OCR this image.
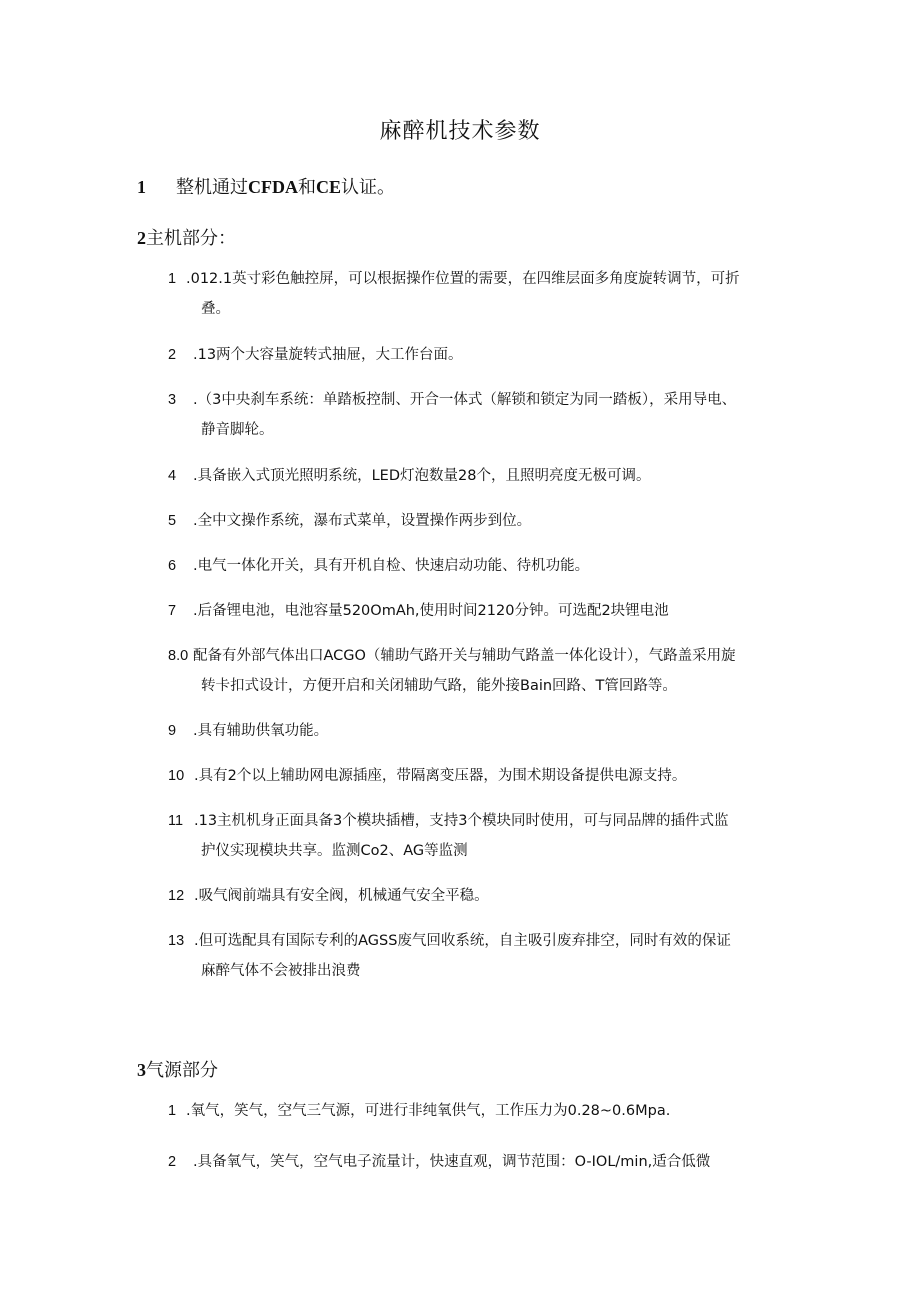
麻醉机技术参数
1 整机通过CFDA和CE认证。
2主机部分：
1 .012.1英寸彩色触控屏，可以根据操作位置的需要，在四维层面多角度旋转调节，可折
叠。
2 .13两个大容量旋转式抽屉，大工作台面。
3 .（3中央刹车系统：单踏板控制、开合一体式（解锁和锁定为同一踏板），采用导电、
静音脚轮。
4 .具备嵌入式顶光照明系统，LED灯泡数量28个，且照明亮度无极可调。
5 .全中文操作系统，瀑布式菜单，设置操作两步到位。
6 .电气一体化开关，具有开机自检、快速启动功能、待机功能。
7 .后备锂电池，电池容量520OmAh,使用时间2120分钟。可选配2块锂电池
8.0 配备有外部气体出口ACGO（辅助气路开关与辅助气路盖一体化设计），气路盖采用旋
转卡扣式设计，方便开启和关闭辅助气路，能外接Bain回路、T管回路等。
9 .具有辅助供氧功能。
10 .具有2个以上辅助网电源插座，带隔离变压器，为围术期设备提供电源支持。
11 .13主机机身正面具备3个模块插槽，支持3个模块同时使用，可与同品牌的插件式监
护仪实现模块共享。监测Co2、AG等监测
12 .吸气阀前端具有安全阀，机械通气安全平稳。
13 .但可选配具有国际专利的AGSS废气回收系统，自主吸引废弃排空，同时有效的保证
麻醉气体不会被排出浪费
3气源部分
1 .氧气，笑气，空气三气源，可进行非纯氧供气，工作压力为0.28~0.6Mpa.
2 .具备氧气，笑气，空气电子流量计，快速直观，调节范围：O-IOL/min,适合低微
